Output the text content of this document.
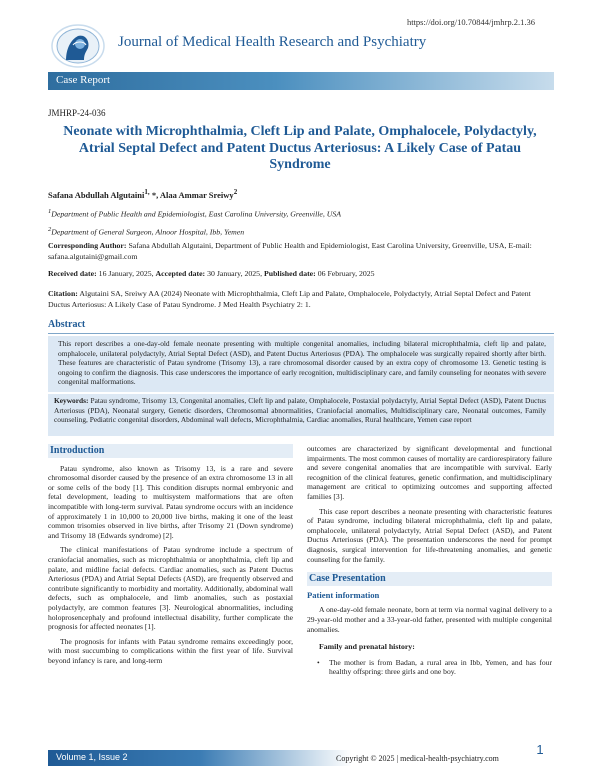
https://doi.org/10.70844/jmhrp.2.1.36
Journal of Medical Health Research and Psychiatry
Case Report
JMHRP-24-036
Neonate with Microphthalmia, Cleft Lip and Palate, Omphalocele, Polydactyly, Atrial Septal Defect and Patent Ductus Arteriosus: A Likely Case of Patau Syndrome
Safana Abdullah Algutaini$^{1,}$ *, Alaa Ammar Sreiwy$^2$
$^1$Department of Public Health and Epidemiologist, East Carolina University, Greenville, USA
$^2$Department of General Surgeon, Alnoor Hospital, Ibb, Yemen
Corresponding Author: Safana Abdullah Algutaini, Department of Public Health and Epidemiologist, East Carolina University, Greenville, USA, E-mail: safana.algutaini@gmail.com
Received date: 16 January, 2025, Accepted date: 30 January, 2025, Published date: 06 February, 2025
Citation: Algutaini SA, Sreiwy AA (2024) Neonate with Microphthalmia, Cleft Lip and Palate, Omphalocele, Polydactyly, Atrial Septal Defect and Patent Ductus Arteriosus: A Likely Case of Patau Syndrome. J Med Health Psychiatry 2: 1.
Abstract
This report describes a one-day-old female neonate presenting with multiple congenital anomalies, including bilateral microphthalmia, cleft lip and palate, omphalocele, unilateral polydactyly, Atrial Septal Defect (ASD), and Patent Ductus Arteriosus (PDA). The omphalocele was surgically repaired shortly after birth. These features are characteristic of Patau syndrome (Trisomy 13), a rare chromosomal disorder caused by an extra copy of chromosome 13. Genetic testing is ongoing to confirm the diagnosis. This case underscores the importance of early recognition, multidisciplinary care, and family counseling for neonates with severe congenital malformations.
Keywords: Patau syndrome, Trisomy 13, Congenital anomalies, Cleft lip and palate, Omphalocele, Postaxial polydactyly, Atrial Septal Defect (ASD), Patent Ductus Arteriosus (PDA), Neonatal surgery, Genetic disorders, Chromosomal abnormalities, Craniofacial anomalies, Multidisciplinary care, Neonatal outcomes, Family counseling, Pediatric congenital disorders, Abdominal wall defects, Microphthalmia, Cardiac anomalies, Rural healthcare, Yemen case report
Introduction

Patau syndrome, also known as Trisomy 13, is a rare and severe chromosomal disorder caused by the presence of an extra chromosome 13 in all or some cells of the body [1]. This condition disrupts normal embryonic and fetal development, leading to multisystem malformations that are often incompatible with long-term survival. Patau syndrome occurs with an incidence of approximately 1 in 10,000 to 20,000 live births, making it one of the least common trisomies observed in live births, after Trisomy 21 (Down syndrome) and Trisomy 18 (Edwards syndrome) [2].

The clinical manifestations of Patau syndrome include a spectrum of craniofacial anomalies, such as microphthalmia or anophthalmia, cleft lip and palate, and midline facial defects. Cardiac anomalies, such as Patent Ductus Arteriosus (PDA) and Atrial Septal Defects (ASD), are frequently observed and contribute significantly to morbidity and mortality. Additionally, abdominal wall defects, such as omphalocele, and limb anomalies, such as postaxial polydactyly, are common features [3]. Neurological abnormalities, including holoprosencephaly and profound intellectual disability, further complicate the prognosis for affected neonates [1].

The prognosis for infants with Patau syndrome remains exceedingly poor, with most succumbing to complications within the first year of life. Survival beyond infancy is rare, and long-term

outcomes are characterized by significant developmental and functional impairments. The most common causes of mortality are cardiorespiratory failure and severe congenital anomalies that are incompatible with survival. Early recognition of the clinical features, genetic confirmation, and multidisciplinary management are critical to optimizing outcomes and supporting affected families [3].

This case report describes a neonate presenting with characteristic features of Patau syndrome, including bilateral microphthalmia, cleft lip and palate, omphalocele, unilateral polydactyly, Atrial Septal Defect (ASD), and Patent Ductus Arteriosus (PDA). The presentation underscores the need for prompt diagnosis, surgical intervention for life-threatening anomalies, and genetic counseling for the family.

Case Presentation
Patient information

A one-day-old female neonate, born at term via normal vaginal delivery to a 29-year-old mother and a 33-year-old father, presented with multiple congenital anomalies.

Family and prenatal history:
•	The mother is from Badan, a rural area in Ibb, Yemen, and has four healthy offspring: three girls and one boy.
Volume 1, Issue 2	Copyright © 2025 | medical-health-psychiatry.com
1
